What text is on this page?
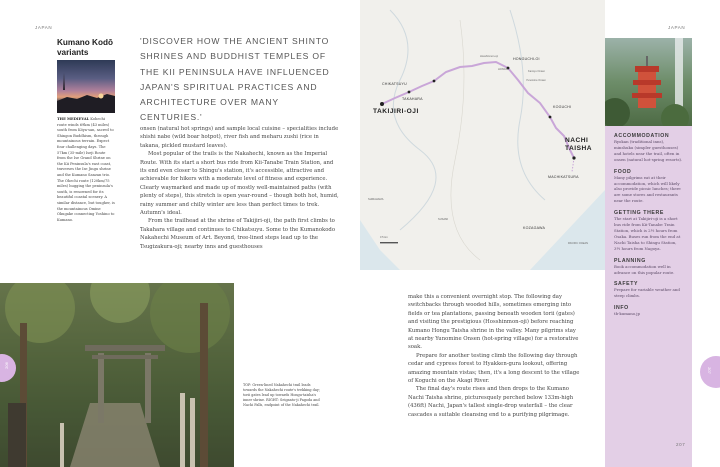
JAPAN
Kumano Kodō variants
THE MEDIEVAL Kohechi route winds 69km (43 miles) south from Köya-san, sacred to Shingon Buddhism, through mountainous terrain. Expect four challenging days. The 57km (35-mile) Iseji Route from the Ise Grand Shrine on the Kii Peninsula's east coast, traverses the Ise Jingu shrine and the Kumano Sanzan trio. The Ohechi route (120km/75 miles) hugging the peninsula's south, is renowned for its beautiful coastal scenery. A similar distance, but tougher, is the mountainous Omine Okugake connecting Yoshino to Kumano.
'DISCOVER HOW THE ANCIENT SHINTO SHRINES AND BUDDHIST TEMPLES OF THE KII PENINSULA HAVE INFLUENCED JAPAN'S SPIRITUAL PRACTICES AND ARCHITECTURE OVER MANY CENTURIES.'

onsen (natural hot springs) and sample local cuisine – specialities include shishi nabe (wild boar hotpot), river fish and meharu zushi (rice in takana, pickled mustard leaves).

Most popular of the trails is the Nakahechi, known as the Imperial Route. With its start a short bus ride from Kii-Tanabe Train Station, and its end even closer to Shingu's station, it's accessible, attractive and achievable for hikers with a moderate level of fitness and experience. Clearly waymarked and made up of mostly well-maintained paths (with plenty of steps), this stretch is open year-round – though both hot, humid, rainy summer and chilly winter are less than perfect times to trek. Autumn's ideal.

From the trailhead at the shrine of Takijiri-oji, the path first climbs to Takahara village and continues to Chikatsuyu. Some to the Kumanokodo Nakahechi Museum of Art. Beyond, tree-lined steps lead up to the Tsugizakura-oji; nearby inns and guesthouses

TOP: Green-lined Nakahechi trail leads towards the Nakahechi route's trekking day; torii gates lead up towards Hongu-taisha's inner shrine. RIGHT: Seiganto-ji Pagoda and Nachi Falls, endpoint of the Nakahechi trail.
206
HONGUCHI-OI
HONGU
Kamiyu Onsen
Yunomine Onsen
Hosshinmon-oji
CHIKATSUYU
TAKAHARA
TAKIJIRI-OJI
KOGUCHI
NACHI TAISHA
MACHIKATSURA
KOZAGAWA
PACIFIC OCEAN
SHIRAHAMA
SUSAMI
0 5 km
JAPAN
ACCOMMODATION
Ryokan (traditional inns), minshuku (simpler guesthouses) and hotels near the trail, often in onsen (natural hot-spring resorts).
FOOD
Many pilgrims eat at their accommodation, which will likely also provide picnic lunches; there are some stores and restaurants near the route.
GETTING THERE
The start at Takijiri-oji is a short bus ride from Kii-Tanabe Train Station, which is 2½ hours from Osaka. Buses run from the end at Nachi Taisha to Shingu Station, 3½ hours from Nagoya.
PLANNING
Book accommodation well in advance on this popular route.
SAFETY
Prepare for variable weather and steep climbs.
INFO
tb-kumano.jp

make this a convenient overnight stop. The following day switchbacks through wooded hills, sometimes emerging into fields or tea plantations, passing beneath wooden torii (gates) and visiting the prestigious (Hosshinmon-oji) before reaching Kumano Hongu Taisha shrine in the valley. Many pilgrims stay at nearby Yunomine Onsen (hot-spring village) for a restorative soak.

Prepare for another testing climb the following day through cedar and cypress forest to Hyakken-gura lookout, offering amazing mountain vistas; then, it's a long descent to the village of Koguchi on the Akagi River.

The final day's route rises and then drops to the Kumano Nachi Taisha shrine, picturesquely perched below 133m-high (436ft) Nachi, Japan's tallest single-drop waterfall – the clear cascades a suitable cleansing end to a purifying pilgrimage.

207
207
